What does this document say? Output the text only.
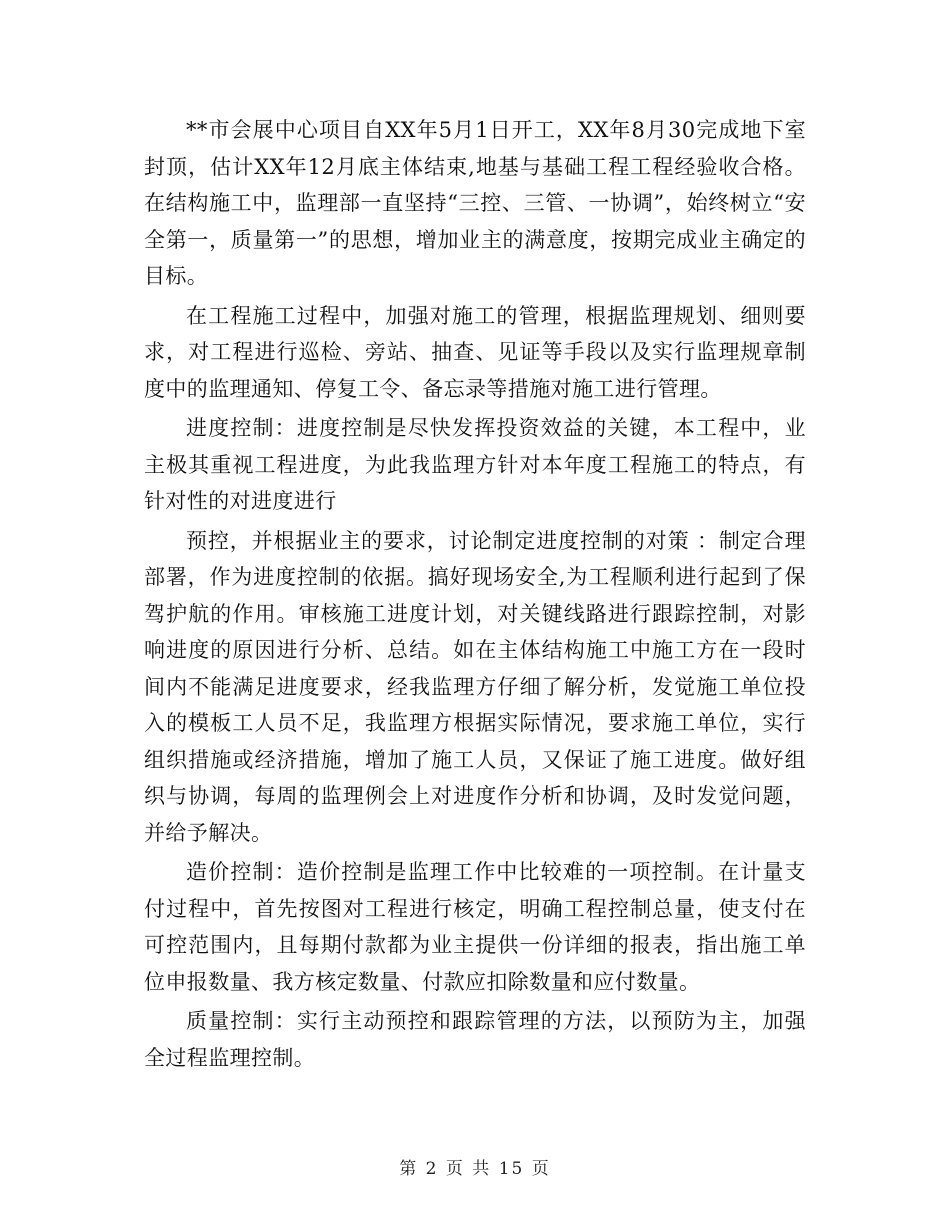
**市会展中心项目自XX年5月1日开工，XX年8月30完成地下室封顶，估计XX年12月底主体结束,地基与基础工程工程经验收合格。在结构施工中，监理部一直坚持“三控、三管、一协调”，始终树立“安全第一，质量第一”的思想，增加业主的满意度，按期完成业主确定的目标。

在工程施工过程中，加强对施工的管理，根据监理规划、细则要求，对工程进行巡检、旁站、抽查、见证等手段以及实行监理规章制度中的监理通知、停复工令、备忘录等措施对施工进行管理。

进度控制：进度控制是尽快发挥投资效益的关键，本工程中，业主极其重视工程进度，为此我监理方针对本年度工程施工的特点，有针对性的对进度进行

预控，并根据业主的要求，讨论制定进度控制的对策 ：制定合理部署，作为进度控制的依据。搞好现场安全,为工程顺利进行起到了保驾护航的作用。审核施工进度计划，对关键线路进行跟踪控制，对影响进度的原因进行分析、总结。如在主体结构施工中施工方在一段时间内不能满足进度要求，经我监理方仔细了解分析，发觉施工单位投入的模板工人员不足，我监理方根据实际情况，要求施工单位，实行组织措施或经济措施，增加了施工人员，又保证了施工进度。做好组织与协调，每周的监理例会上对进度作分析和协调，及时发觉问题，并给予解决。

造价控制：造价控制是监理工作中比较难的一项控制。在计量支付过程中，首先按图对工程进行核定，明确工程控制总量，使支付在可控范围内，且每期付款都为业主提供一份详细的报表，指出施工单位申报数量、我方核定数量、付款应扣除数量和应付数量。

质量控制：实行主动预控和跟踪管理的方法，以预防为主，加强全过程监理控制。

第 2 页 共 15 页
